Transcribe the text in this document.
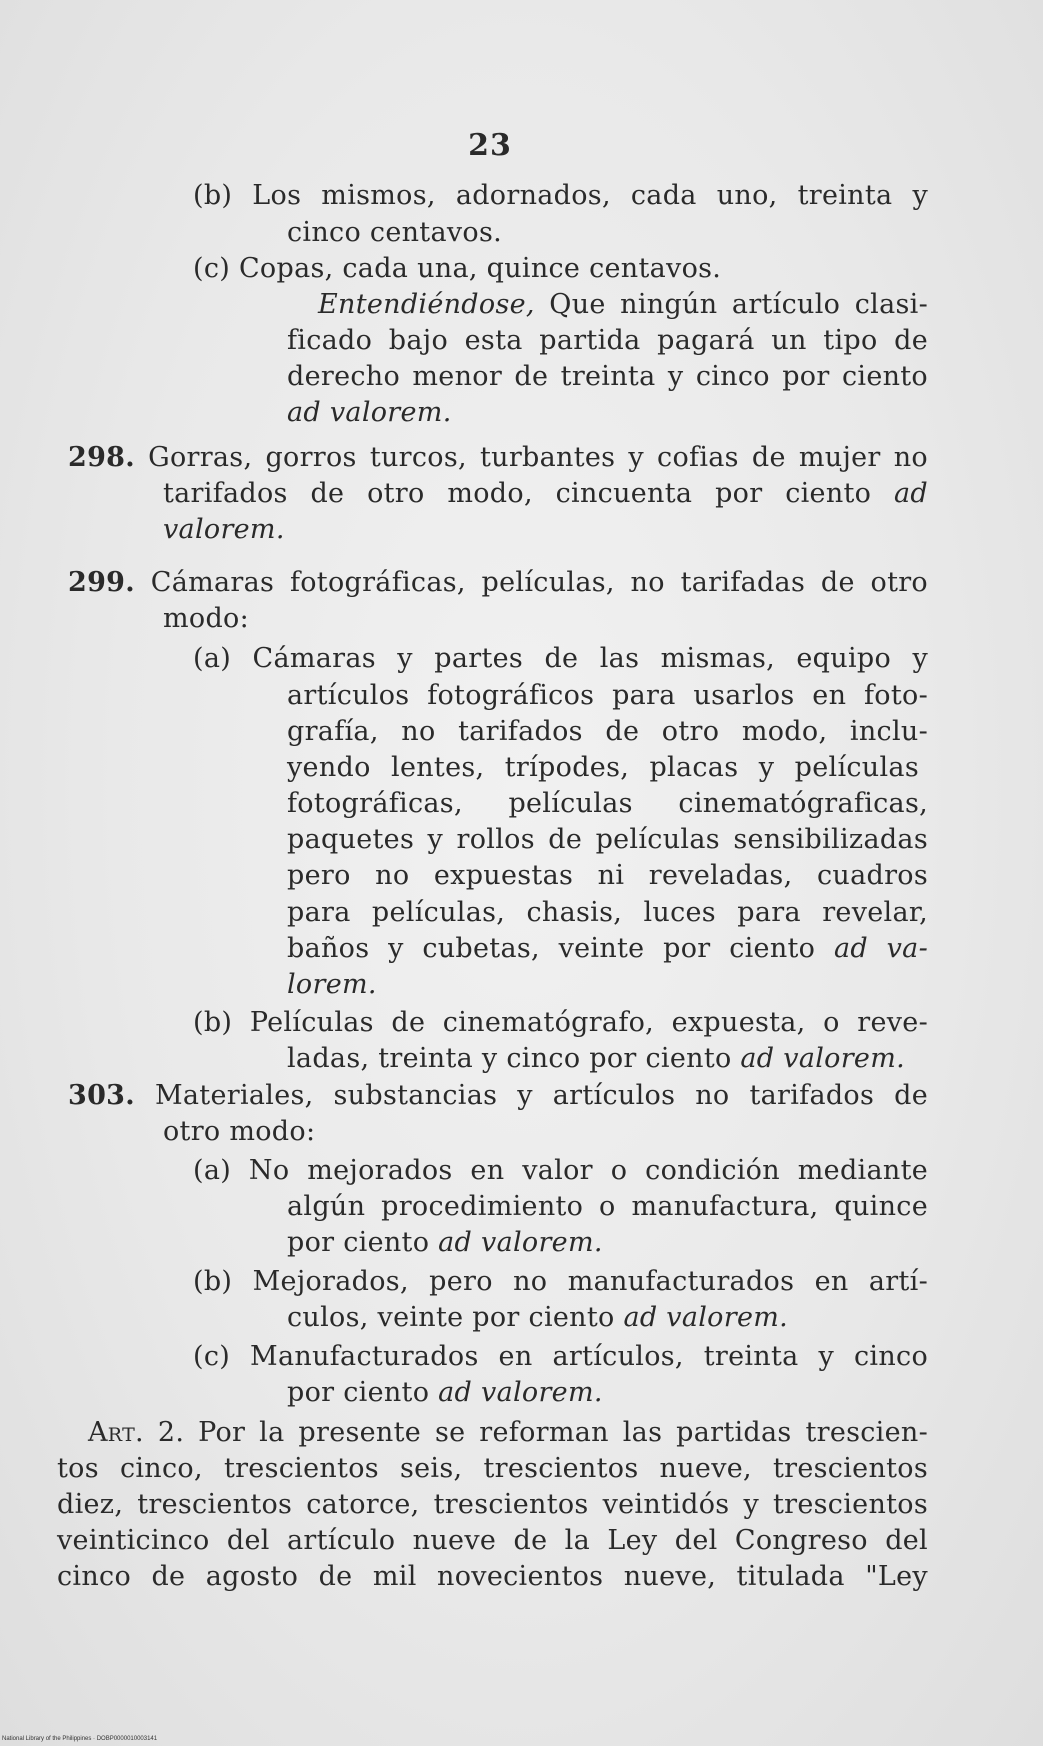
23
(b) Los mismos, adornados, cada uno, treinta y
cinco centavos.
(c) Copas, cada una, quince centavos.
Entendiéndose, Que ningún artículo clasi-
ficado bajo esta partida pagará un tipo de
derecho menor de treinta y cinco por ciento
ad valorem.
298. Gorras, gorros turcos, turbantes y cofias de mujer no
tarifados de otro modo, cincuenta por ciento ad
valorem.
299. Cámaras fotográficas, películas, no tarifadas de otro
modo:
(a) Cámaras y partes de las mismas, equipo y
artículos fotográficos para usarlos en foto-
grafía, no tarifados de otro modo, inclu-
yendo lentes, trípodes, placas y películas
fotográficas, películas cinematógraficas,
paquetes y rollos de películas sensibilizadas
pero no expuestas ni reveladas, cuadros
para películas, chasis, luces para revelar,
baños y cubetas, veinte por ciento ad va-
lorem.
(b) Películas de cinematógrafo, expuesta, o reve-
ladas, treinta y cinco por ciento ad valorem.
303. Materiales, substancias y artículos no tarifados de
otro modo:
(a) No mejorados en valor o condición mediante
algún procedimiento o manufactura, quince
por ciento ad valorem.
(b) Mejorados, pero no manufacturados en artí-
culos, veinte por ciento ad valorem.
(c) Manufacturados en artículos, treinta y cinco
por ciento ad valorem.
Art. 2. Por la presente se reforman las partidas trescien-
tos cinco, trescientos seis, trescientos nueve, trescientos
diez, trescientos catorce, trescientos veintidós y trescientos
veinticinco del artículo nueve de la Ley del Congreso del
cinco de agosto de mil novecientos nueve, titulada "Ley
National Library of the Philippines · DOBP0000010003141
